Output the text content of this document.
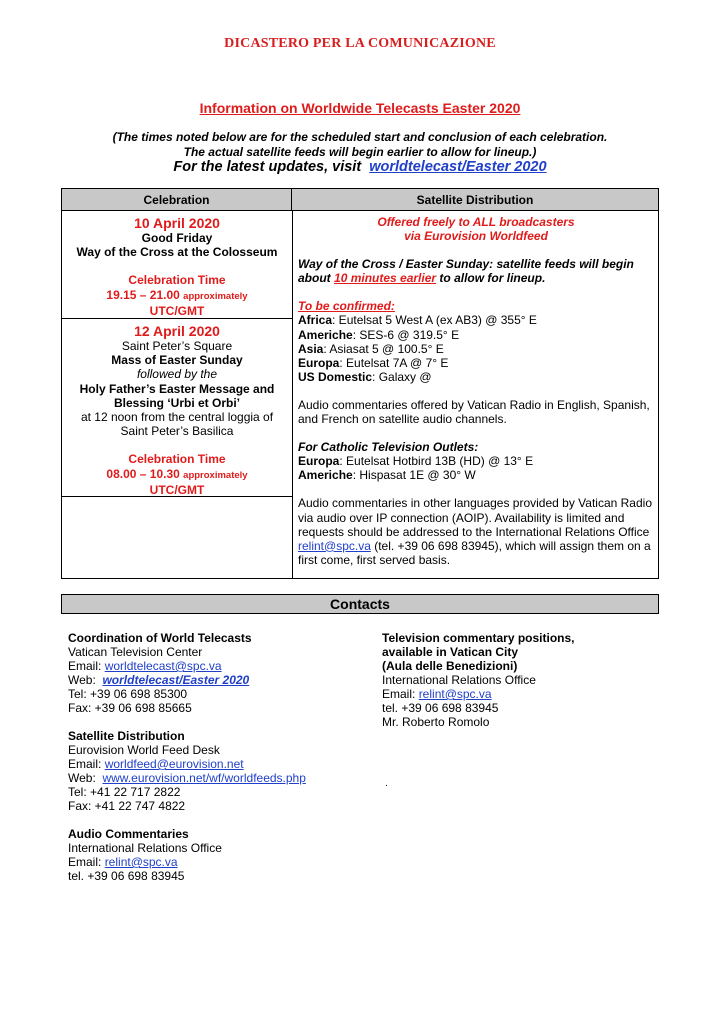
DICASTERO PER LA COMUNICAZIONE
Information on Worldwide Telecasts Easter 2020
(The times noted below are for the scheduled start and conclusion of each celebration.
The actual satellite feeds will begin earlier to allow for lineup.)
For the latest updates, visit worldtelecast/Easter 2020
Celebration	Satellite Distribution
10 April 2020
Good Friday
Way of the Cross at the Colosseum
Celebration Time
19.15 – 21.00 approximately
UTC/GMT
12 April 2020
Saint Peter’s Square
Mass of Easter Sunday
followed by the
Holy Father’s Easter Message and
Blessing ‘Urbi et Orbi’
at 12 noon from the central loggia of
Saint Peter’s Basilica
Celebration Time
08.00 – 10.30 approximately
UTC/GMT

Offered freely to ALL broadcasters

via Eurovision Worldfeed

Way of the Cross / Easter Sunday: satellite feeds will begin about 10 minutes earlier to allow for lineup.

To be confirmed:

Africa: Eutelsat 5 West A (ex AB3) @ 355° E

Americhe: SES-6 @ 319.5° E

Asia: Asiasat 5 @ 100.5° E

Europa: Eutelsat 7A @ 7° E

US Domestic: Galaxy @

Audio commentaries offered by Vatican Radio in English, Spanish, and French on satellite audio channels.

For Catholic Television Outlets:

Europa: Eutelsat Hotbird 13B (HD) @ 13° E

Americhe: Hispasat 1E @ 30° W

Audio commentaries in other languages provided by Vatican Radio via audio over IP connection (AOIP). Availability is limited and requests should be addressed to the International Relations Office relint@spc.va (tel. +39 06 698 83945), which will assign them on a first come, first served basis.

Contacts

Coordination of World Telecasts

Vatican Television Center

Email: worldtelecast@spc.va

Web: worldtelecast/Easter 2020

Tel: +39 06 698 85300

Fax: +39 06 698 85665

Satellite Distribution

Eurovision World Feed Desk

Email: worldfeed@eurovision.net

Web: www.eurovision.net/wf/worldfeeds.php

Tel: +41 22 717 2822

Fax: +41 22 747 4822

Audio Commentaries

International Relations Office

Email: relint@spc.va

tel. +39 06 698 83945

Television commentary positions,

available in Vatican City

(Aula delle Benedizioni)

International Relations Office

Email: relint@spc.va

tel. +39 06 698 83945

Mr. Roberto Romolo

.
